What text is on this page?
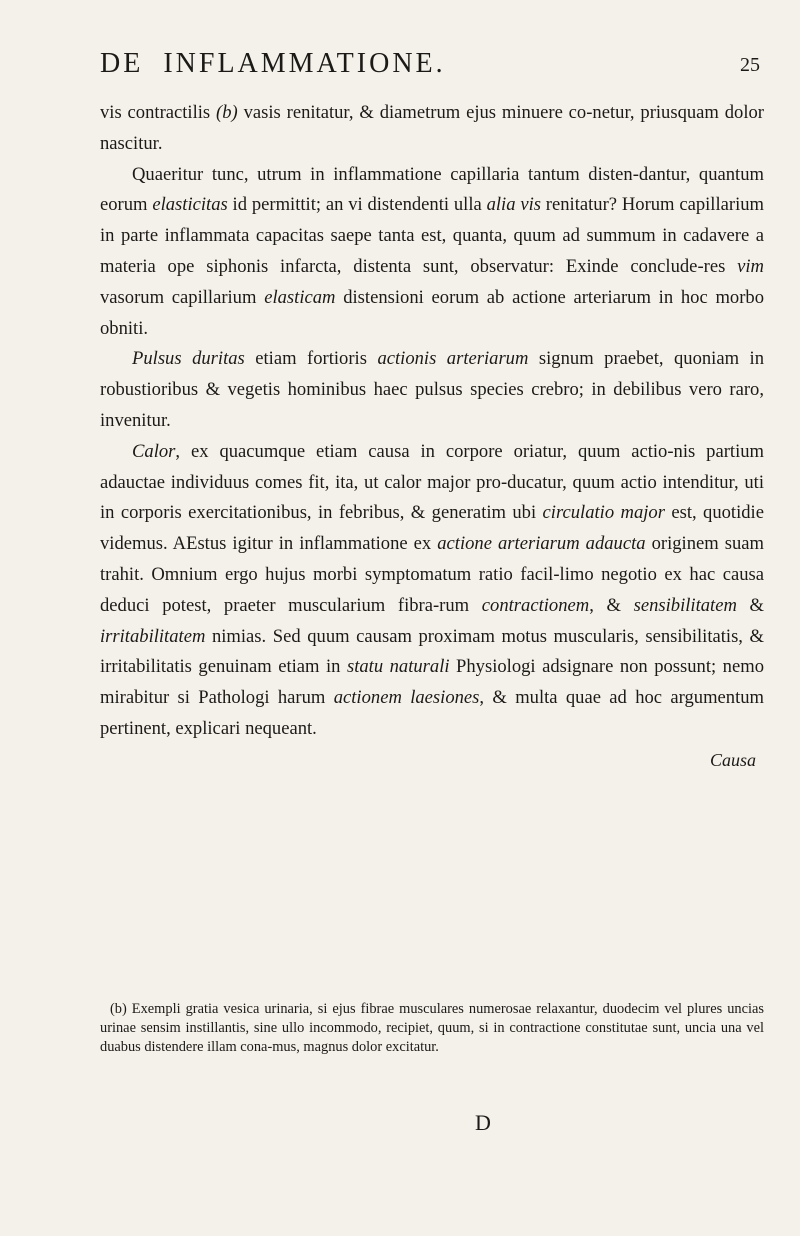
DE INFLAMMATIONE.	25

vis contractilis (b) vasis renitatur, & diametrum ejus minuere co-netur, priusquam dolor nascitur.

Quaeritur tunc, utrum in inflammatione capillaria tantum disten-dantur, quantum eorum elasticitas id permittit; an vi distendenti ulla alia vis renitatur? Horum capillarium in parte inflammata capacitas saepe tanta est, quanta, quum ad summum in cadavere a materia ope siphonis infarcta, distenta sunt, observatur: Exinde conclude-res vim vasorum capillarium elasticam distensioni eorum ab actione arteriarum in hoc morbo obniti.

Pulsus duritas etiam fortioris actionis arteriarum signum praebet, quoniam in robustioribus & vegetis hominibus haec pulsus species crebro; in debilibus vero raro, invenitur.

Calor, ex quacumque etiam causa in corpore oriatur, quum actio-nis partium adauctae individuus comes fit, ita, ut calor major pro-ducatur, quum actio intenditur, uti in corporis exercitationibus, in febribus, & generatim ubi circulatio major est, quotidie videmus. AEstus igitur in inflammatione ex actione arteriarum adaucta originem suam trahit. Omnium ergo hujus morbi symptomatum ratio facil-limo negotio ex hac causa deduci potest, praeter muscularium fibra-rum contractionem, & sensibilitatem & irritabilitatem nimias. Sed quum causam proximam motus muscularis, sensibilitatis, & irritabilitatis genuinam etiam in statu naturali Physiologi adsignare non possunt; nemo mirabitur si Pathologi harum actionem laesiones, & multa quae ad hoc argumentum pertinent, explicari nequeant.

Causa

(b) Exempli gratia vesica urinaria, si ejus fibrae musculares numerosae relaxantur, duodecim vel plures uncias urinae sensim instillantis, sine ullo incommodo, recipiet, quum, si in contractione constitutae sunt, uncia una vel duabus distendere illam cona-mus, magnus dolor excitatur.

D
